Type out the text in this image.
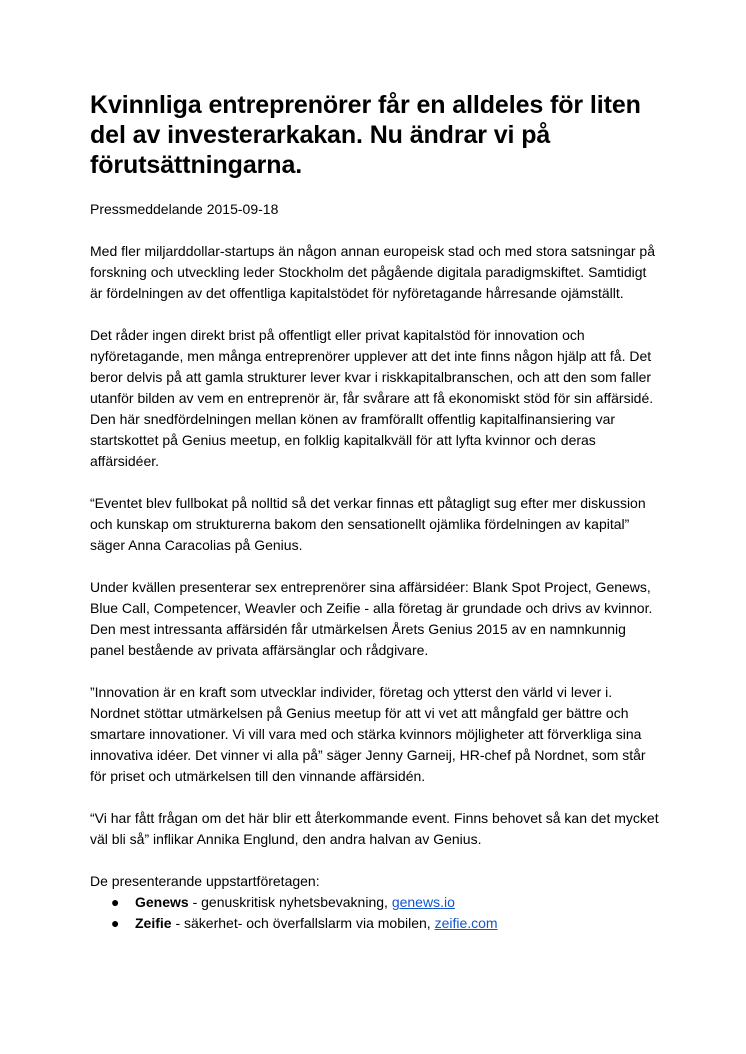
Kvinnliga entreprenörer får en alldeles för liten del av investerarkakan. Nu ändrar vi på förutsättningarna.

Pressmeddelande 2015-09-18

Med fler miljarddollar-startups än någon annan europeisk stad och med stora satsningar på forskning och utveckling leder Stockholm det pågående digitala paradigmskiftet. Samtidigt är fördelningen av det offentliga kapitalstödet för nyföretagande hårresande ojämställt.

Det råder ingen direkt brist på offentligt eller privat kapitalstöd för innovation och nyföretagande, men många entreprenörer upplever att det inte finns någon hjälp att få. Det beror delvis på att gamla strukturer lever kvar i riskkapitalbranschen, och att den som faller utanför bilden av vem en entreprenör är, får svårare att få ekonomiskt stöd för sin affärsidé. Den här snedfördelningen mellan könen av framförallt offentlig kapitalfinansiering var startskottet på Genius meetup, en folklig kapitalkväll för att lyfta kvinnor och deras affärsidéer.

“Eventet blev fullbokat på nolltid så det verkar finnas ett påtagligt sug efter mer diskussion och kunskap om strukturerna bakom den sensationellt ojämlika fördelningen av kapital” säger Anna Caracolias på Genius.

Under kvällen presenterar sex entreprenörer sina affärsidéer: Blank Spot Project, Genews, Blue Call, Competencer, Weavler och Zeifie - alla företag är grundade och drivs av kvinnor. Den mest intressanta affärsidén får utmärkelsen Årets Genius 2015 av en namnkunnig panel bestående av privata affärsänglar och rådgivare.

”Innovation är en kraft som utvecklar individer, företag och ytterst den värld vi lever i. Nordnet stöttar utmärkelsen på Genius meetup för att vi vet att mångfald ger bättre och smartare innovationer. Vi vill vara med och stärka kvinnors möjligheter att förverkliga sina innovativa idéer. Det vinner vi alla på” säger Jenny Garneij, HR-chef på Nordnet, som står för priset och utmärkelsen till den vinnande affärsidén.

“Vi har fått frågan om det här blir ett återkommande event. Finns behovet så kan det mycket väl bli så” inflikar Annika Englund, den andra halvan av Genius.

De presenterande uppstartföretagen:

● Genews - genuskritisk nyhetsbevakning, genews.io
● Zeifie - säkerhet- och överfallslarm via mobilen, zeifie.com
